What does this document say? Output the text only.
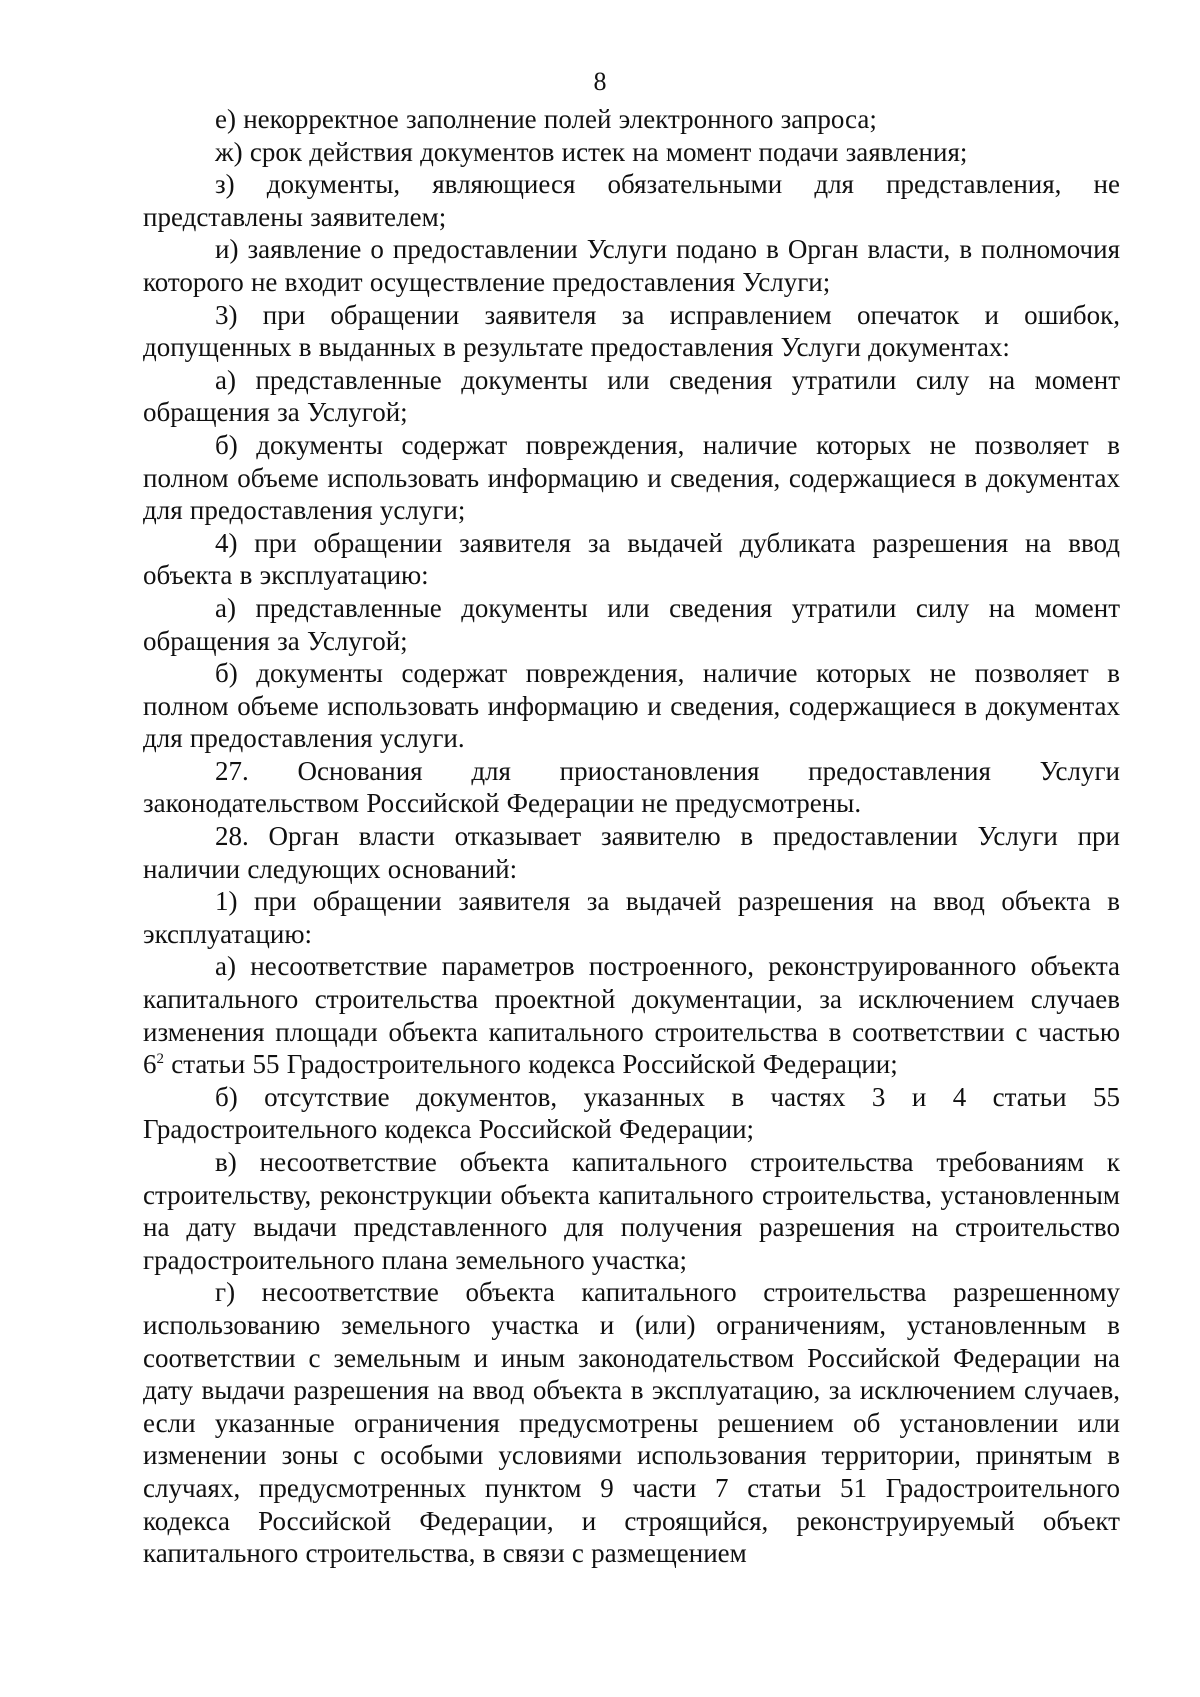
8

е) некорректное заполнение полей электронного запроса;

ж) срок действия документов истек на момент подачи заявления;

з) документы, являющиеся обязательными для представления, не представлены заявителем;

и) заявление о предоставлении Услуги подано в Орган власти, в полномочия которого не входит осуществление предоставления Услуги;

3) при обращении заявителя за исправлением опечаток и ошибок, допущенных в выданных в результате предоставления Услуги документах:

а) представленные документы или сведения утратили силу на момент обращения за Услугой;

б) документы содержат повреждения, наличие которых не позволяет в полном объеме использовать информацию и сведения, содержащиеся в документах для предоставления услуги;

4) при обращении заявителя за выдачей дубликата разрешения на ввод объекта в эксплуатацию:

а) представленные документы или сведения утратили силу на момент обращения за Услугой;

б) документы содержат повреждения, наличие которых не позволяет в полном объеме использовать информацию и сведения, содержащиеся в документах для предоставления услуги.

27. Основания для приостановления предоставления Услуги законодательством Российской Федерации не предусмотрены.

28. Орган власти отказывает заявителю в предоставлении Услуги при наличии следующих оснований:

1) при обращении заявителя за выдачей разрешения на ввод объекта в эксплуатацию:

а) несоответствие параметров построенного, реконструированного объекта капитального строительства проектной документации, за исключением случаев изменения площади объекта капитального строительства в соответствии с частью $6^2$ статьи 55 Градостроительного кодекса Российской Федерации;

б) отсутствие документов, указанных в частях 3 и 4 статьи 55 Градостроительного кодекса Российской Федерации;

в) несоответствие объекта капитального строительства требованиям к строительству, реконструкции объекта капитального строительства, установленным на дату выдачи представленного для получения разрешения на строительство градостроительного плана земельного участка;

г) несоответствие объекта капитального строительства разрешенному использованию земельного участка и (или) ограничениям, установленным в соответствии с земельным и иным законодательством Российской Федерации на дату выдачи разрешения на ввод объекта в эксплуатацию, за исключением случаев, если указанные ограничения предусмотрены решением об установлении или изменении зоны с особыми условиями использования территории, принятым в случаях, предусмотренных пунктом 9 части 7 статьи 51 Градостроительного кодекса Российской Федерации, и строящийся, реконструируемый объект капитального строительства, в связи с размещением
